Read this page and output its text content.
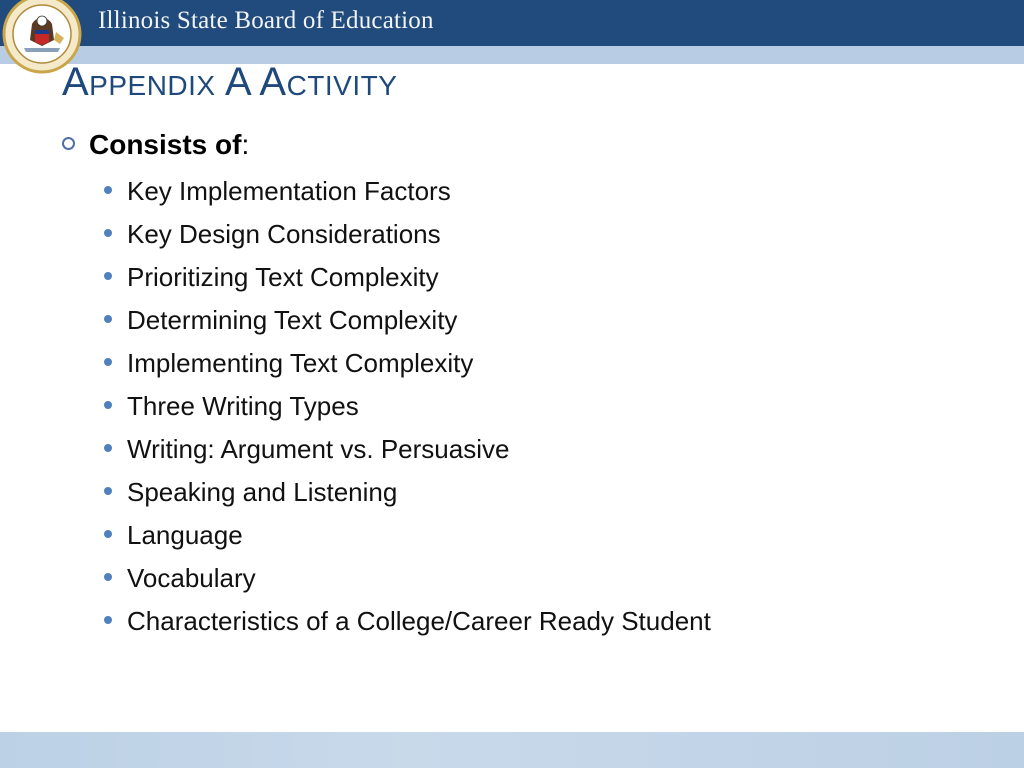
Illinois State Board of Education
Appendix A Activity
Consists of:
Key Implementation Factors
Key Design Considerations
Prioritizing Text Complexity
Determining Text Complexity
Implementing Text Complexity
Three Writing Types
Writing: Argument vs. Persuasive
Speaking and Listening
Language
Vocabulary
Characteristics of a College/Career Ready Student
